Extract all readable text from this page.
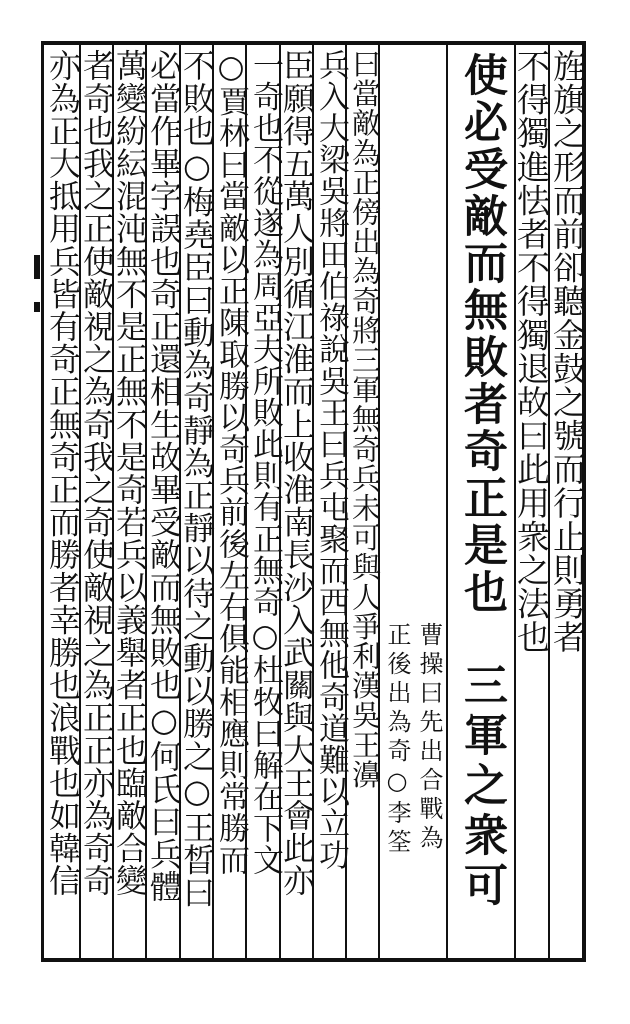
旌旗之形而前卻聽金鼓之號而行止則勇者
不得獨進怯者不得獨退故曰此用衆之法也
曰當敵為正傍出為奇將三軍無奇兵未可與人爭利漢吳王濞
兵入大梁吳將田伯祿說吳王曰兵屯聚而西無他奇道難以立功
臣願得五萬人別循江淮而上收淮南長沙入武關與大王會此亦
一奇也不從遂為周亞夫所敗此則有正無奇○杜牧曰解在下文
○賈林曰當敵以正陳取勝以奇兵前後左右俱能相應則常勝而
不敗也○梅堯臣曰動為奇靜為正靜以待之動以勝之○王晳曰
必當作畢字誤也奇正還相生故畢受敵而無敗也○何氏曰兵體
萬變紛紜混沌無不是正無不是奇若兵以義舉者正也臨敵合變
者奇也我之正使敵視之為奇我之奇使敵視之為正正亦為奇奇
亦為正大抵用兵皆有奇正無奇正而勝者幸勝也浪戰也如韓信	使必受敵而無敗者奇正是也
三軍之衆可
曹操曰先出合戰為
正後出為奇○李筌
